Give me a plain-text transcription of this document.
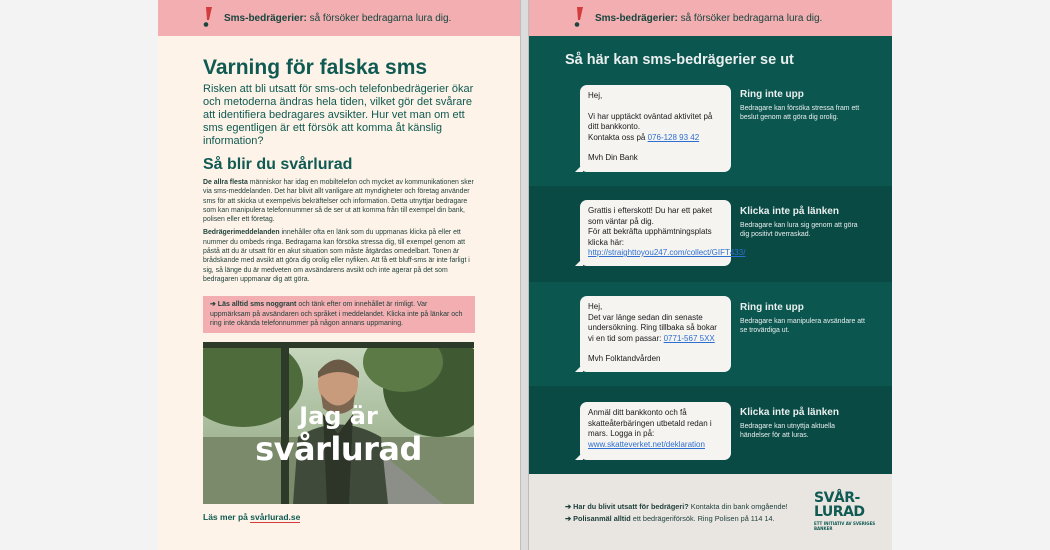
Sms-bedrägerier: så försöker bedragarna lura dig.
Varning för falska sms

Risken att bli utsatt för sms-och telefonbedrägerier ökar och metoderna ändras hela tiden, vilket gör det svårare att identifiera bedragares avsikter. Hur vet man om ett sms egentligen är ett försök att komma åt känslig information?

Så blir du svårlurad

De allra flesta människor har idag en mobiltelefon och mycket av kommunikationen sker via sms-meddelanden. Det har blivit allt vanligare att myndigheter och företag använder sms för att skicka ut exempelvis bekräftelser och information. Detta utnyttjar bedragare som kan manipulera telefonnummer så de ser ut att komma från till exempel din bank, polisen eller ett företag.

Bedrägerimeddelanden innehåller ofta en länk som du uppmanas klicka på eller ett nummer du ombeds ringa. Bedragarna kan försöka stressa dig, till exempel genom att påstå att du är utsatt för en akut situation som måste åtgärdas omedelbart. Tonen är brådskande med avsikt att göra dig orolig eller nyfiken. Att få ett bluff-sms är inte farligt i sig, så länge du är medveten om avsändarens avsikt och inte agerar på det som bedragaren uppmanar dig att göra.

➔ Läs alltid sms noggrant och tänk efter om innehållet är rimligt. Var uppmärksam på avsändaren och språket i meddelandet. Klicka inte på länkar och ring inte okända telefonnummer på någon annans uppmaning.
Jag är
svårlurad
Läs mer på svårlurad.se
Sms-bedrägerier: så försöker bedragarna lura dig.
Så här kan sms-bedrägerier se ut
Hej,
Vi har upptäckt oväntad aktivitet på ditt bankkonto.
Kontakta oss på 076-128 93 42
Mvh Din Bank
Ring inte upp
Bedragare kan försöka stressa fram ett beslut genom att göra dig orolig.
Grattis i efterskott! Du har ett paket som väntar på dig.
För att bekräfta upphämtningsplats klicka här: http://straighttoyou247.com/collect/GIFT433/
Klicka inte på länken
Bedragare kan lura sig genom att göra dig positivt överraskad.
Hej,
Det var länge sedan din senaste undersökning. Ring tillbaka så bokar vi en tid som passar: 0771-567 5XX
Mvh Folktandvården
Ring inte upp
Bedragare kan manipulera avsändare att se trovärdiga ut.
Anmäl ditt bankkonto och få skatteåterbäringen utbetald redan i mars. Logga in på:
www.skatteverket.net/deklaration
Klicka inte på länken
Bedragare kan utnyttja aktuella händelser för att luras.
➔ Har du blivit utsatt för bedrägeri? Kontakta din bank omgående!
➔ Polisanmäl alltid ett bedrägeriförsök. Ring Polisen på 114 14.
SVÅR-
LURAD
ETT INITIATIV AV SVERIGES BANKER
